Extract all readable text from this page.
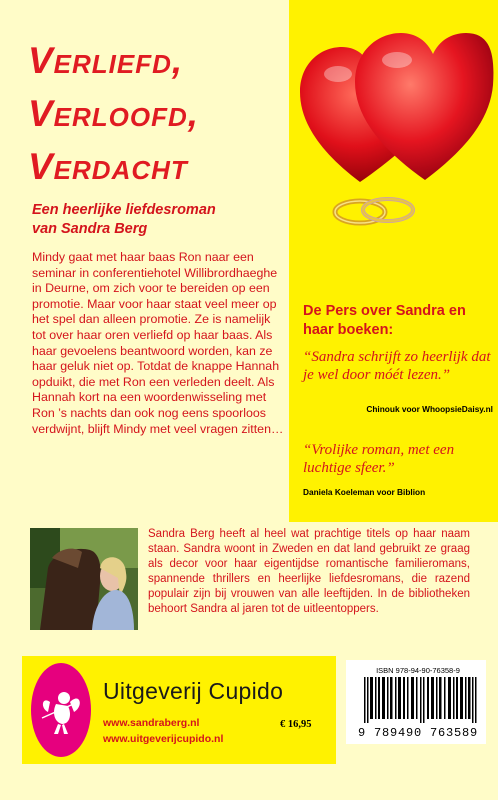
Verliefd,
Verloofd,
Verdacht
Een heerlijke liefdesroman
van Sandra Berg
Mindy gaat met haar baas Ron naar een seminar in conferentiehotel Willibrordhaeghe in Deurne, om zich voor te bereiden op een promotie. Maar voor haar staat veel meer op het spel dan alleen promotie. Ze is namelijk tot over haar oren verliefd op haar baas. Als haar gevoelens beantwoord worden, kan ze haar geluk niet op. Totdat de knappe Hannah opduikt, die met Ron een verleden deelt. Als Hannah kort na een woordenwisseling met Ron ’s nachts dan ook nog eens spoorloos verdwijnt, blijft Mindy met veel vragen zitten…
De Pers over Sandra en haar boeken:
“Sandra schrijft zo heerlijk dat je wel door móét lezen.”
Chinouk voor WhoopsieDaisy.nl
“Vrolijke roman, met een luchtige sfeer.”
Daniela Koeleman voor Biblion
Sandra Berg heeft al heel wat prachtige titels op haar naam staan. Sandra woont in Zweden en dat land gebruikt ze graag als decor voor haar eigentijdse romantische familieromans, spannende thrillers en heerlijke liefdesromans, die razend populair zijn bij vrouwen van alle leeftijden. In de bibliotheken behoort Sandra al jaren tot de uitleentoppers.
Uitgeverij Cupido
www.sandraberg.nl
www.uitgeverijcupido.nl
€ 16,95
ISBN 978-94-90-76358-9
9 789490 763589
